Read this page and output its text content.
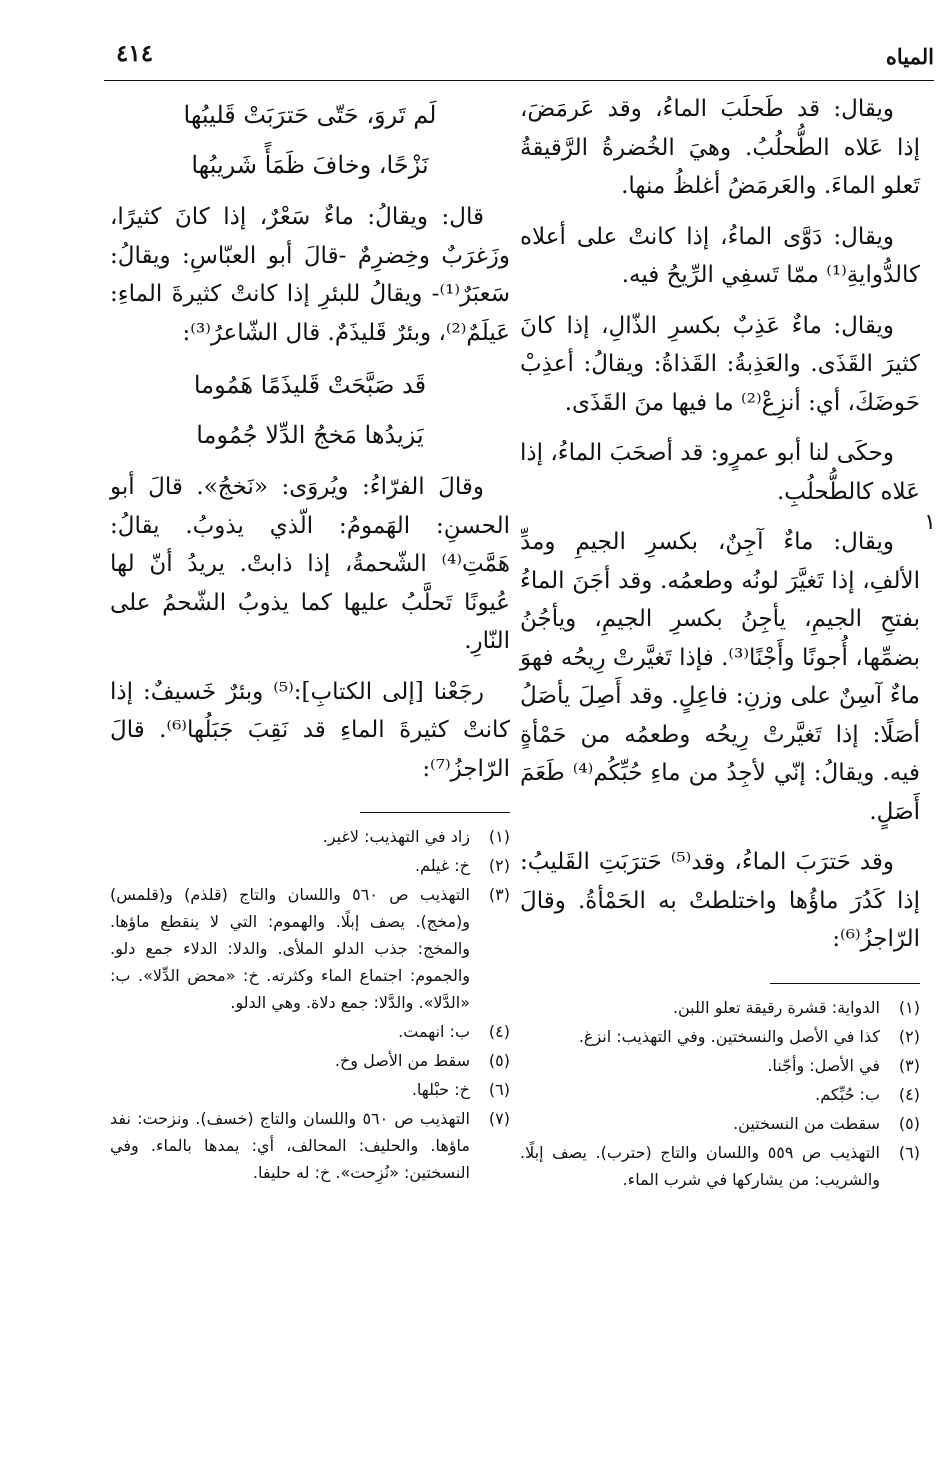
المياه
٤١٤

ويقال: قد طَحلَبَ الماءُ، وقد عَرمَضَ، إذا عَلاه الطُّحلُبُ. وهيَ الخُضرةُ الرَّقيقةُ تَعلو الماءَ. والعَرمَضُ أغلظُ منها.

ويقال: دَوَّى الماءُ، إذا كانتْ على أعلاه كالدُّوايةِ⁽¹⁾ ممّا تَسفِي الرِّيحُ فيه.

ويقال: ماءٌ عَذِبٌ بكسرِ الذّالِ، إذا كانَ كثيرَ القَذَى. والعَذِبةُ: القَذاةُ: ويقالُ: أعذِبْ حَوضَكَ، أي: أنزِعْ⁽²⁾ ما فيها منَ القَذَى.

وحكَى لنا أبو عمرٍو: قد أصحَبَ الماءُ، إذا عَلاه كالطُّحلُبِ.

ويقال: ماءٌ آجِنٌ، بكسرِ الجيمِ ومدِّ الألفِ، إذا تَغيَّرَ لونُه وطعمُه. وقد أجَنَ الماءُ بفتحِ الجيمِ، يأجِنُ بكسرِ الجيمِ، ويأجُنُ بضمِّها، أُجونًا وأَجْنًا⁽³⁾. فإذا تَغيَّرتْ رِيحُه فهوَ ماءٌ آسِنٌ على وزنِ: فاعِلٍ. وقد أَصِلَ يأصَلُ أصَلًا: إذا تَغيَّرتْ رِيحُه وطعمُه من حَمْأةٍ فيه. ويقالُ: إنّي لأجِدُ من ماءِ حُبِّكُم⁽⁴⁾ طَعَمَ أَصَلٍ.

وقد حَترَبَ الماءُ، وقد⁽⁵⁾ حَترَبَتِ القَليبُ: إذا كَدُرَ ماؤُها واختلطتْ به الحَمْأةُ. وقالَ الرّاجزُ⁽⁶⁾:

(١)
الدواية: قشرة رقيقة تعلو اللبن.
(٢)
كذا في الأصل والنسختين. وفي التهذيب: انزغ.
(٣)
في الأصل: وأجّنا.
(٤)
ب: حُبِّكم.
(٥)
سقطت من النسختين.
(٦)
التهذيب ص ٥٥٩ واللسان والتاج (حترب). يصف إبلًا. والشريب: من يشاركها في شرب الماء.
١
لَم تَروَ، حَتّى حَترَبَتْ قَليبُها
نَزْحًا، وخافَ ظَمَأً شَريبُها

قال: ويقالُ: ماءٌ سَعْرٌ، إذا كانَ كثيرًا، وزَغرَبٌ وخِضرِمٌ -قالَ أبو العبّاسِ: ويقالُ: سَعبَرٌ⁽¹⁾- ويقالُ للبئرِ إذا كانتْ كثيرةَ الماءِ: عَيلَمٌ⁽²⁾، وبئرٌ قَليذَمٌ. قال الشّاعرُ⁽³⁾:

قَد صَبَّحَتْ قَليذَمًا هَمُوما
يَزيدُها مَخجُ الدِّلا جُمُوما

وقالَ الفرّاءُ: ويُروَى: «نَخجُ». قالَ أبو الحسنِ: الهَمومُ: الّذي يذوبُ. يقالُ: هَمَّتِ⁽⁴⁾ الشّحمةُ، إذا ذابتْ. يريدُ أنّ لها عُيونًا تَحلَّبُ عليها كما يذوبُ الشّحمُ على النّارِ.

رجَعْنا [إلى الكتابِ]:⁽⁵⁾ وبئرٌ خَسيفٌ: إذا كانتْ كثيرةَ الماءِ قد نَقِبَ جَبَلُها⁽⁶⁾. قالَ الرّاجزُ⁽⁷⁾:

(١)
زاد في التهذيب: لاغير.
(٢)
خ: غيلم.
(٣)
التهذيب ص ٥٦٠ واللسان والتاج (قلذم) و(قلمس) و(مخج). يصف إبلًا. والهموم: التي لا ينقطع ماؤها. والمخج: جذب الدلو الملأى. والدلا: الدلاء جمع دلو. والجموم: اجتماع الماء وكثرته. خ: «محض الدِّلا». ب: «الدَّلا». والدَّلا: جمع دلاة. وهي الدلو.
(٤)
ب: انهمت.
(٥)
سقط من الأصل وخ.
(٦)
خ: حبْلها.
(٧)
التهذيب ص ٥٦٠ واللسان والتاج (خسف). ونزحت: نفد ماؤها. والحليف: المحالف، أي: يمدها بالماء. وفي النسختين: «نُزِحت». خ: له حليفا.
